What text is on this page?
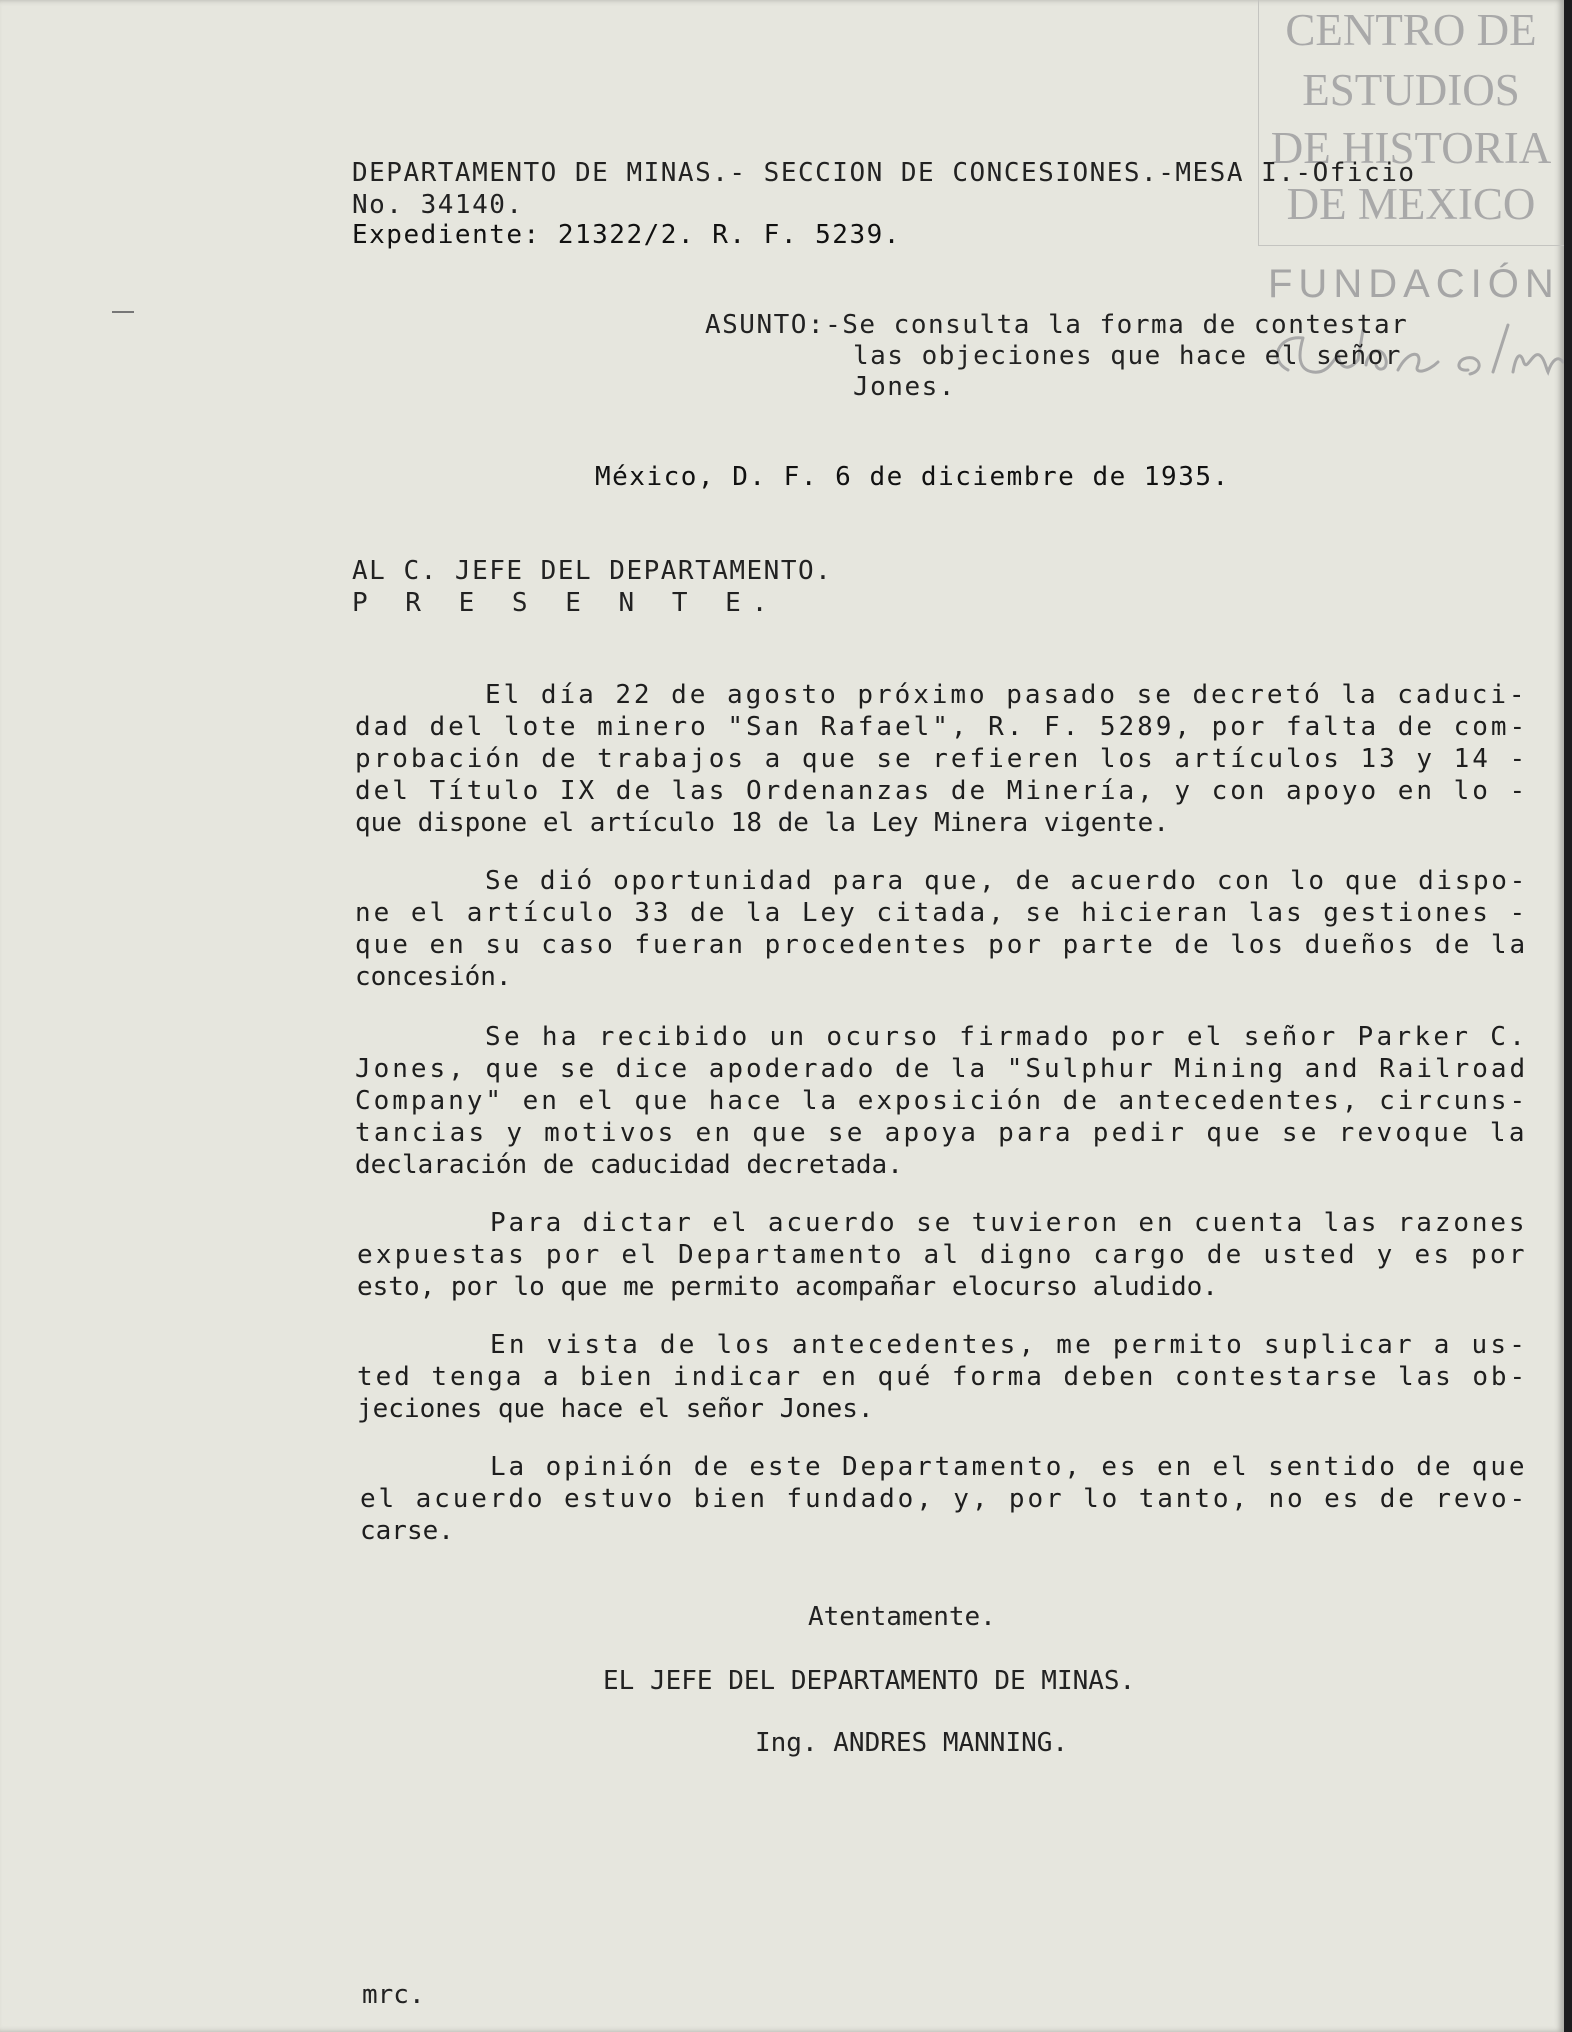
CENTRO DE
ESTUDIOS
DE HISTORIA
DE MEXICO
FUNDACIÓN
DEPARTAMENTO DE MINAS.- SECCION DE CONCESIONES.-MESA I.-Oficio
No. 34140.
Expediente: 21322/2. R. F. 5239.
ASUNTO:-Se consulta la forma de contestar
las objeciones que hace el señor
Jones.
México, D. F. 6 de diciembre de 1935.
AL C. JEFE DEL DEPARTAMENTO.
P R E S E N T E.
El día 22 de agosto próximo pasado se decretó la caduci-
dad del lote minero "San Rafael", R. F. 5289, por falta de com-
probación de trabajos a que se refieren los artículos 13 y 14 -
del Título IX de las Ordenanzas de Minería, y con apoyo en lo -
que dispone el artículo 18 de la Ley Minera vigente.
Se dió oportunidad para que, de acuerdo con lo que dispo-
ne el artículo 33 de la Ley citada, se hicieran las gestiones -
que en su caso fueran procedentes por parte de los dueños de la
concesión.
Se ha recibido un ocurso firmado por el señor Parker C.
Jones, que se dice apoderado de la "Sulphur Mining and Railroad
Company" en el que hace la exposición de antecedentes, circuns-
tancias y motivos en que se apoya para pedir que se revoque la
declaración de caducidad decretada.
Para dictar el acuerdo se tuvieron en cuenta las razones
expuestas por el Departamento al digno cargo de usted y es por
esto, por lo que me permito acompañar elocurso aludido.
En vista de los antecedentes, me permito suplicar a us-
ted tenga a bien indicar en qué forma deben contestarse las ob-
jeciones que hace el señor Jones.
La opinión de este Departamento, es en el sentido de que
el acuerdo estuvo bien fundado, y, por lo tanto, no es de revo-
carse.
Atentamente.
EL JEFE DEL DEPARTAMENTO DE MINAS.
Ing. ANDRES MANNING.
mrc.
